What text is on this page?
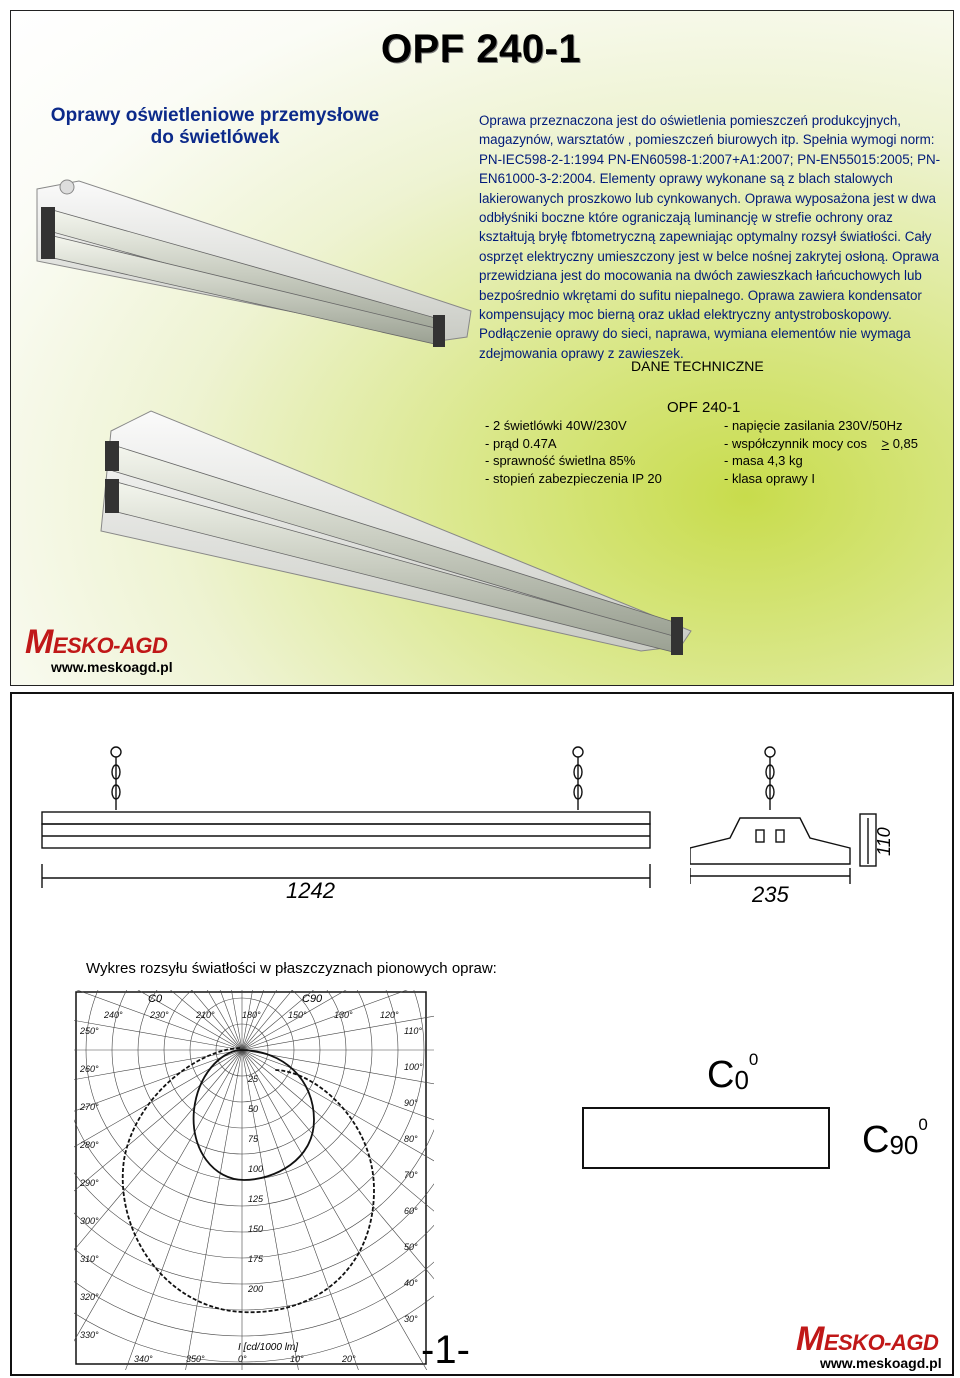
OPF 240-1
Oprawy oświetleniowe przemysłowe do świetlówek
Oprawa przeznaczona jest do oświetlenia pomieszczeń produkcyjnych, magazynów, warsztatów , pomieszczeń biurowych itp. Spełnia wymogi norm: PN-IEC598-2-1:1994 PN-EN60598-1:2007+A1:2007; PN-EN55015:2005; PN-EN61000-3-2:2004. Elementy oprawy wykonane są z blach stalowych lakierowanych proszkowo lub cynkowanych. Oprawa wyposażona jest w dwa odbłyśniki boczne które ograniczają luminancję w strefie ochrony oraz kształtują bryłę fbtometryczną zapewniając optymalny rozsył światłości. Cały osprzęt elektryczny umieszczony jest w belce nośnej zakrytej osłoną. Oprawa przewidziana jest do mocowania na dwóch zawieszkach łańcuchowych lub bezpośrednio wkrętami do sufitu niepalnego. Oprawa zawiera kondensator kompensujący moc bierną oraz układ elektryczny antystroboskopowy. Podłączenie oprawy do sieci, naprawa, wymiana elementów nie wymaga zdejmowania oprawy z zawieszek.
DANE TECHNICZNE
OPF 240-1
- 2 świetlówki 40W/230V
- prąd 0.47A
- sprawność świetlna 85%
- stopień zabezpieczenia IP 20
- napięcie zasilania 230V/50Hz
- współczynnik mocy cos > 0,85
- masa 4,3 kg
- klasa oprawy I
MESKO-AGD
www.meskoagd.pl
1242	235
110
Wykres rozsyłu światłości w płaszczyznach pionowych opraw:
240°	230°	210°	180°	150°	130°	120°
250°
260°
270°
280°
290°
300°
310°
320°
330°
110°
100°
90°
80°
70°
60°
50°
40°
30°
340°	350°	0°	10°	20°
25
50
75
100
125
150
175
200
C0	C90
I [cd/1000 lm]
$C_0^0$
$C_{90}^0$
-1-	MESKO-AGD
www.meskoagd.pl
